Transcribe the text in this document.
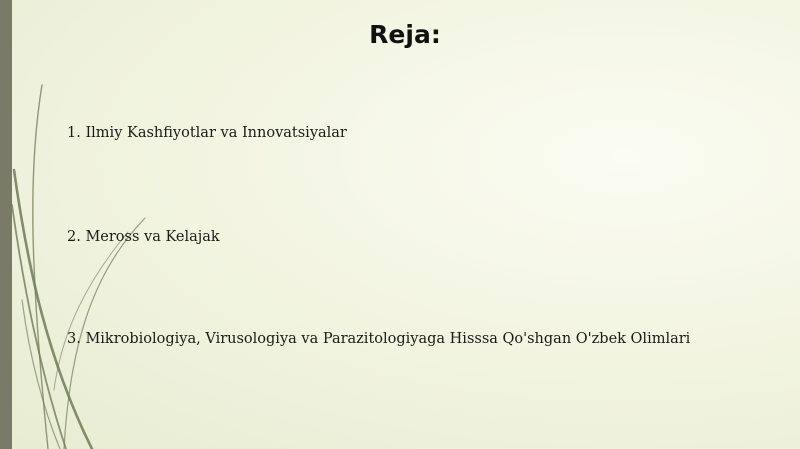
Reja:
1. Ilmiy Kashfiyotlar va Innovatsiyalar
2. Meross va Kelajak
3. Mikrobiologiya, Virusologiya va Parazitologiyaga Hisssa Qo'shgan O'zbek Olimlari
